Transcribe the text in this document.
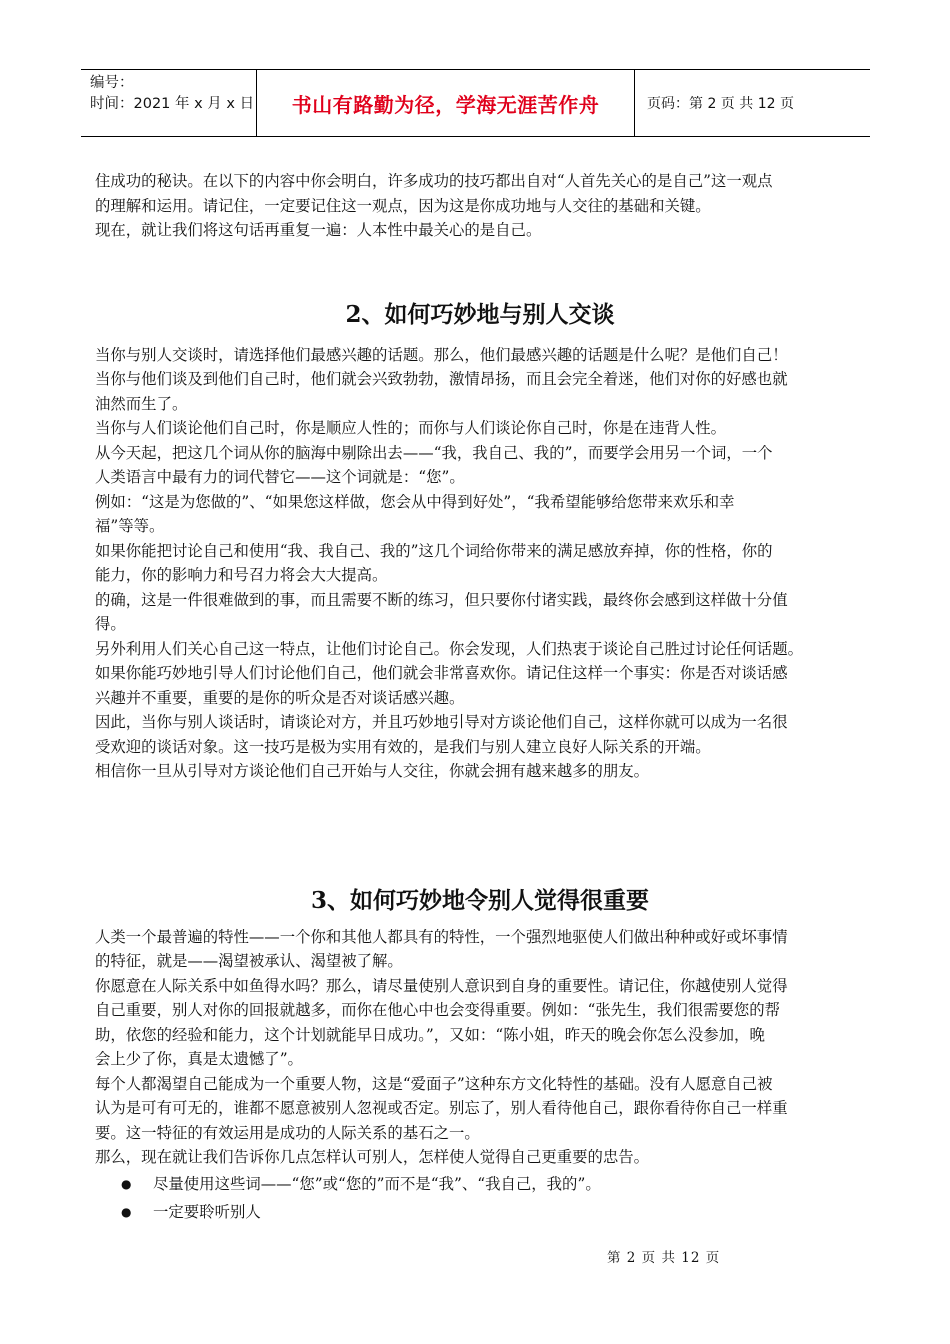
编号：
时间：2021 年 x 月 x 日	书山有路勤为径，学海无涯苦作舟	页码：第 2 页 共 12 页

住成功的秘诀。在以下的内容中你会明白，许多成功的技巧都出自对“人首先关心的是自己”这一观点

的理解和运用。请记住，一定要记住这一观点，因为这是你成功地与人交往的基础和关键。

现在，就让我们将这句话再重复一遍：人本性中最关心的是自己。

2、如何巧妙地与别人交谈

当你与别人交谈时，请选择他们最感兴趣的话题。那么，他们最感兴趣的话题是什么呢？是他们自己！

当你与他们谈及到他们自己时，他们就会兴致勃勃，激情昂扬，而且会完全着迷，他们对你的好感也就

油然而生了。

当你与人们谈论他们自己时，你是顺应人性的；而你与人们谈论你自己时，你是在违背人性。

从今天起，把这几个词从你的脑海中剔除出去——“我，我自己、我的”，而要学会用另一个词，一个

人类语言中最有力的词代替它——这个词就是：“您”。

例如：“这是为您做的”、“如果您这样做，您会从中得到好处”，“我希望能够给您带来欢乐和幸

福”等等。

如果你能把讨论自己和使用“我、我自己、我的”这几个词给你带来的满足感放弃掉，你的性格，你的

能力，你的影响力和号召力将会大大提高。

的确，这是一件很难做到的事，而且需要不断的练习，但只要你付诸实践，最终你会感到这样做十分值

得。

另外利用人们关心自己这一特点，让他们讨论自己。你会发现，人们热衷于谈论自己胜过讨论任何话题。

如果你能巧妙地引导人们讨论他们自己，他们就会非常喜欢你。请记住这样一个事实：你是否对谈话感

兴趣并不重要，重要的是你的听众是否对谈话感兴趣。

因此，当你与别人谈话时，请谈论对方，并且巧妙地引导对方谈论他们自己，这样你就可以成为一名很

受欢迎的谈话对象。这一技巧是极为实用有效的，是我们与别人建立良好人际关系的开端。

相信你一旦从引导对方谈论他们自己开始与人交往，你就会拥有越来越多的朋友。

3、如何巧妙地令别人觉得很重要

人类一个最普遍的特性——一个你和其他人都具有的特性，一个强烈地驱使人们做出种种或好或坏事情

的特征，就是——渴望被承认、渴望被了解。

你愿意在人际关系中如鱼得水吗？那么，请尽量使别人意识到自身的重要性。请记住，你越使别人觉得

自己重要，别人对你的回报就越多，而你在他心中也会变得重要。例如：“张先生，我们很需要您的帮

助，依您的经验和能力，这个计划就能早日成功。”，又如：“陈小姐，昨天的晚会你怎么没参加，晚

会上少了你，真是太遗憾了”。

每个人都渴望自己能成为一个重要人物，这是“爱面子”这种东方文化特性的基础。没有人愿意自己被

认为是可有可无的，谁都不愿意被别人忽视或否定。别忘了，别人看待他自己，跟你看待你自己一样重

要。这一特征的有效运用是成功的人际关系的基石之一。

那么，现在就让我们告诉你几点怎样认可别人，怎样使人觉得自己更重要的忠告。

●	尽量使用这些词——“您”或“您的”而不是“我”、“我自己，我的”。
●	一定要聆听别人
第 2 页 共 12 页
